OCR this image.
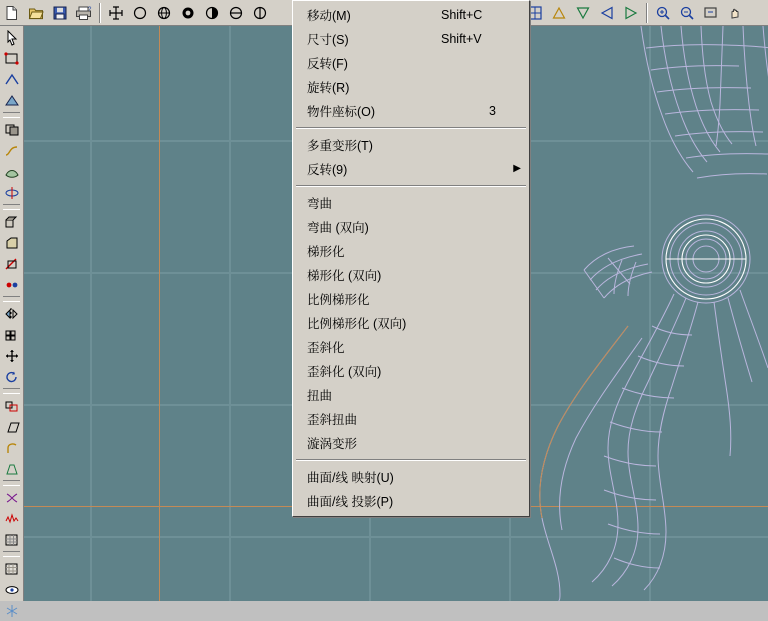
?	移动(M)	Shift+C
尺寸(S)	Shift+V
反转(F)
旋转(R)
物件座标(O)	3
多重变形(T)
反转(9)	▶
弯曲
弯曲 (双向)
梯形化
梯形化 (双向)
比例梯形化
比例梯形化 (双向)
歪斜化
歪斜化 (双向)
扭曲
歪斜扭曲
漩涡变形
曲面/线 映射(U)
曲面/线 投影(P)
